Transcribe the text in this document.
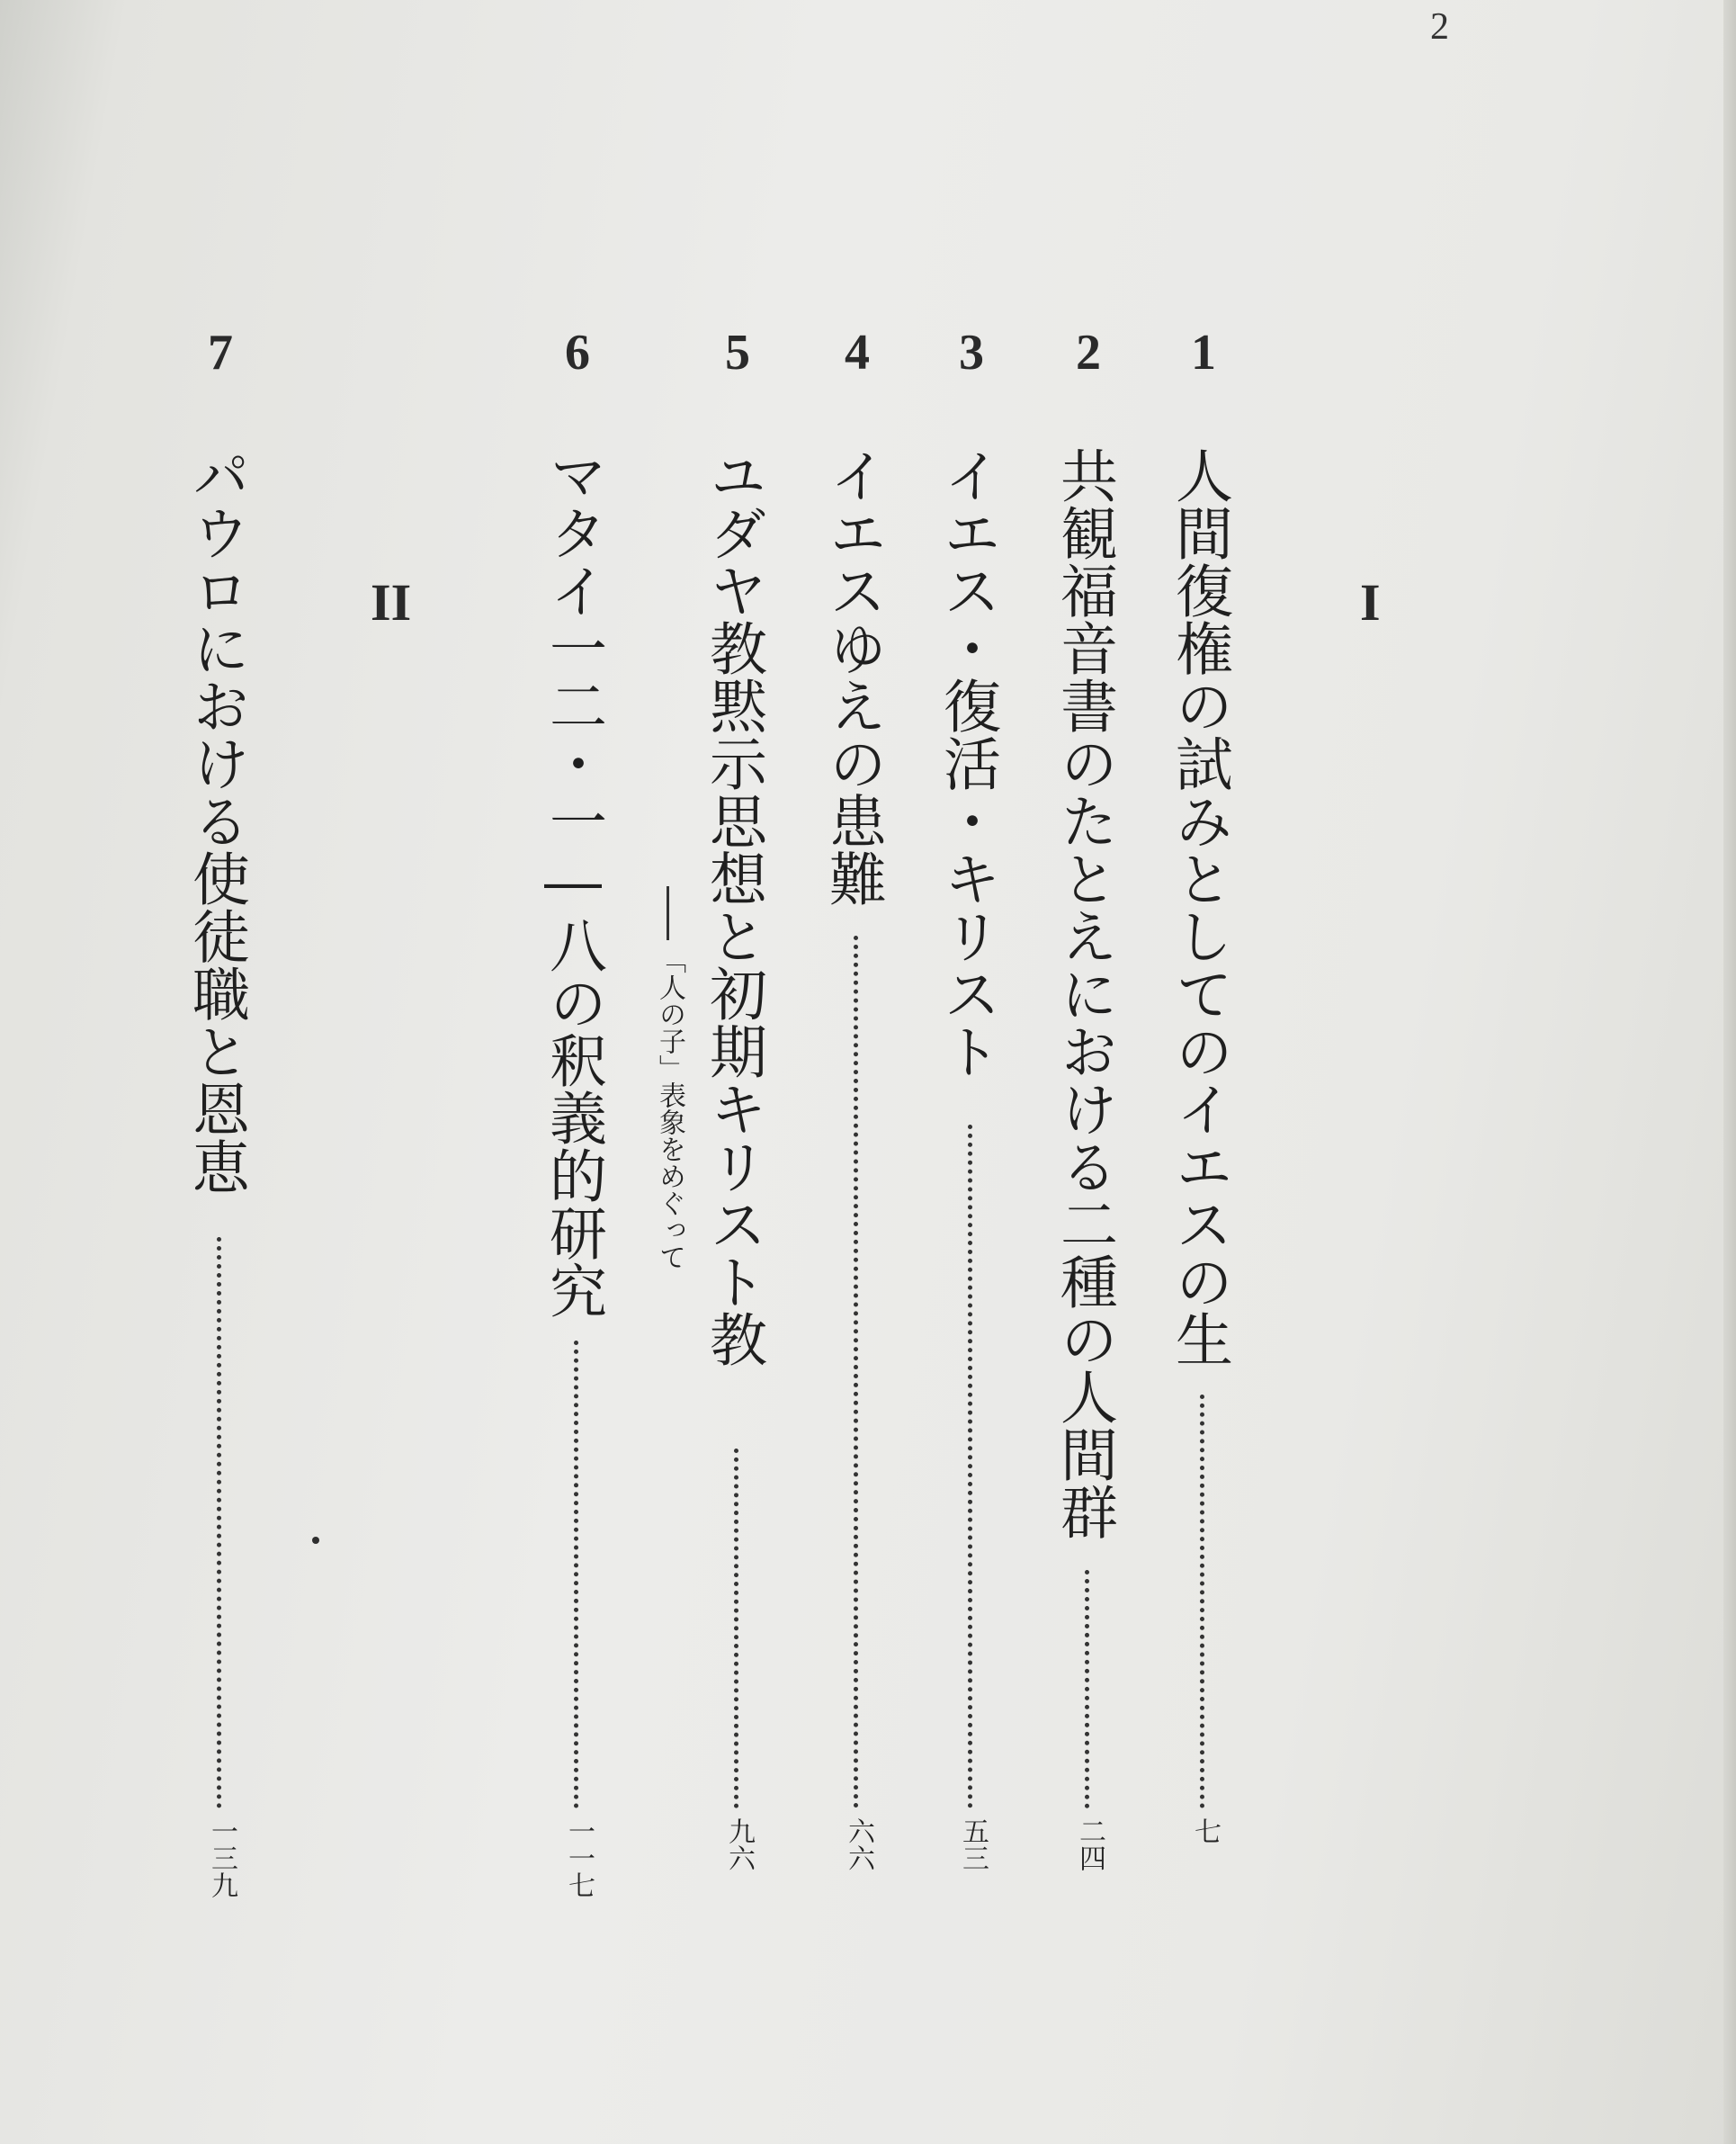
2
I
1
人間復権の試みとしてのイエスの生
七
2
共観福音書のたとえにおける二種の人間群
二四
3
イエス・復活・キリスト
五三
4
イエスゆえの患難
六六
5
ユダヤ教黙示思想と初期キリスト教
九六
「人の子」表象をめぐって
6
マタイ一二・一―八の釈義的研究
一一七
II
7
パウロにおける使徒職と恩恵
一三九
